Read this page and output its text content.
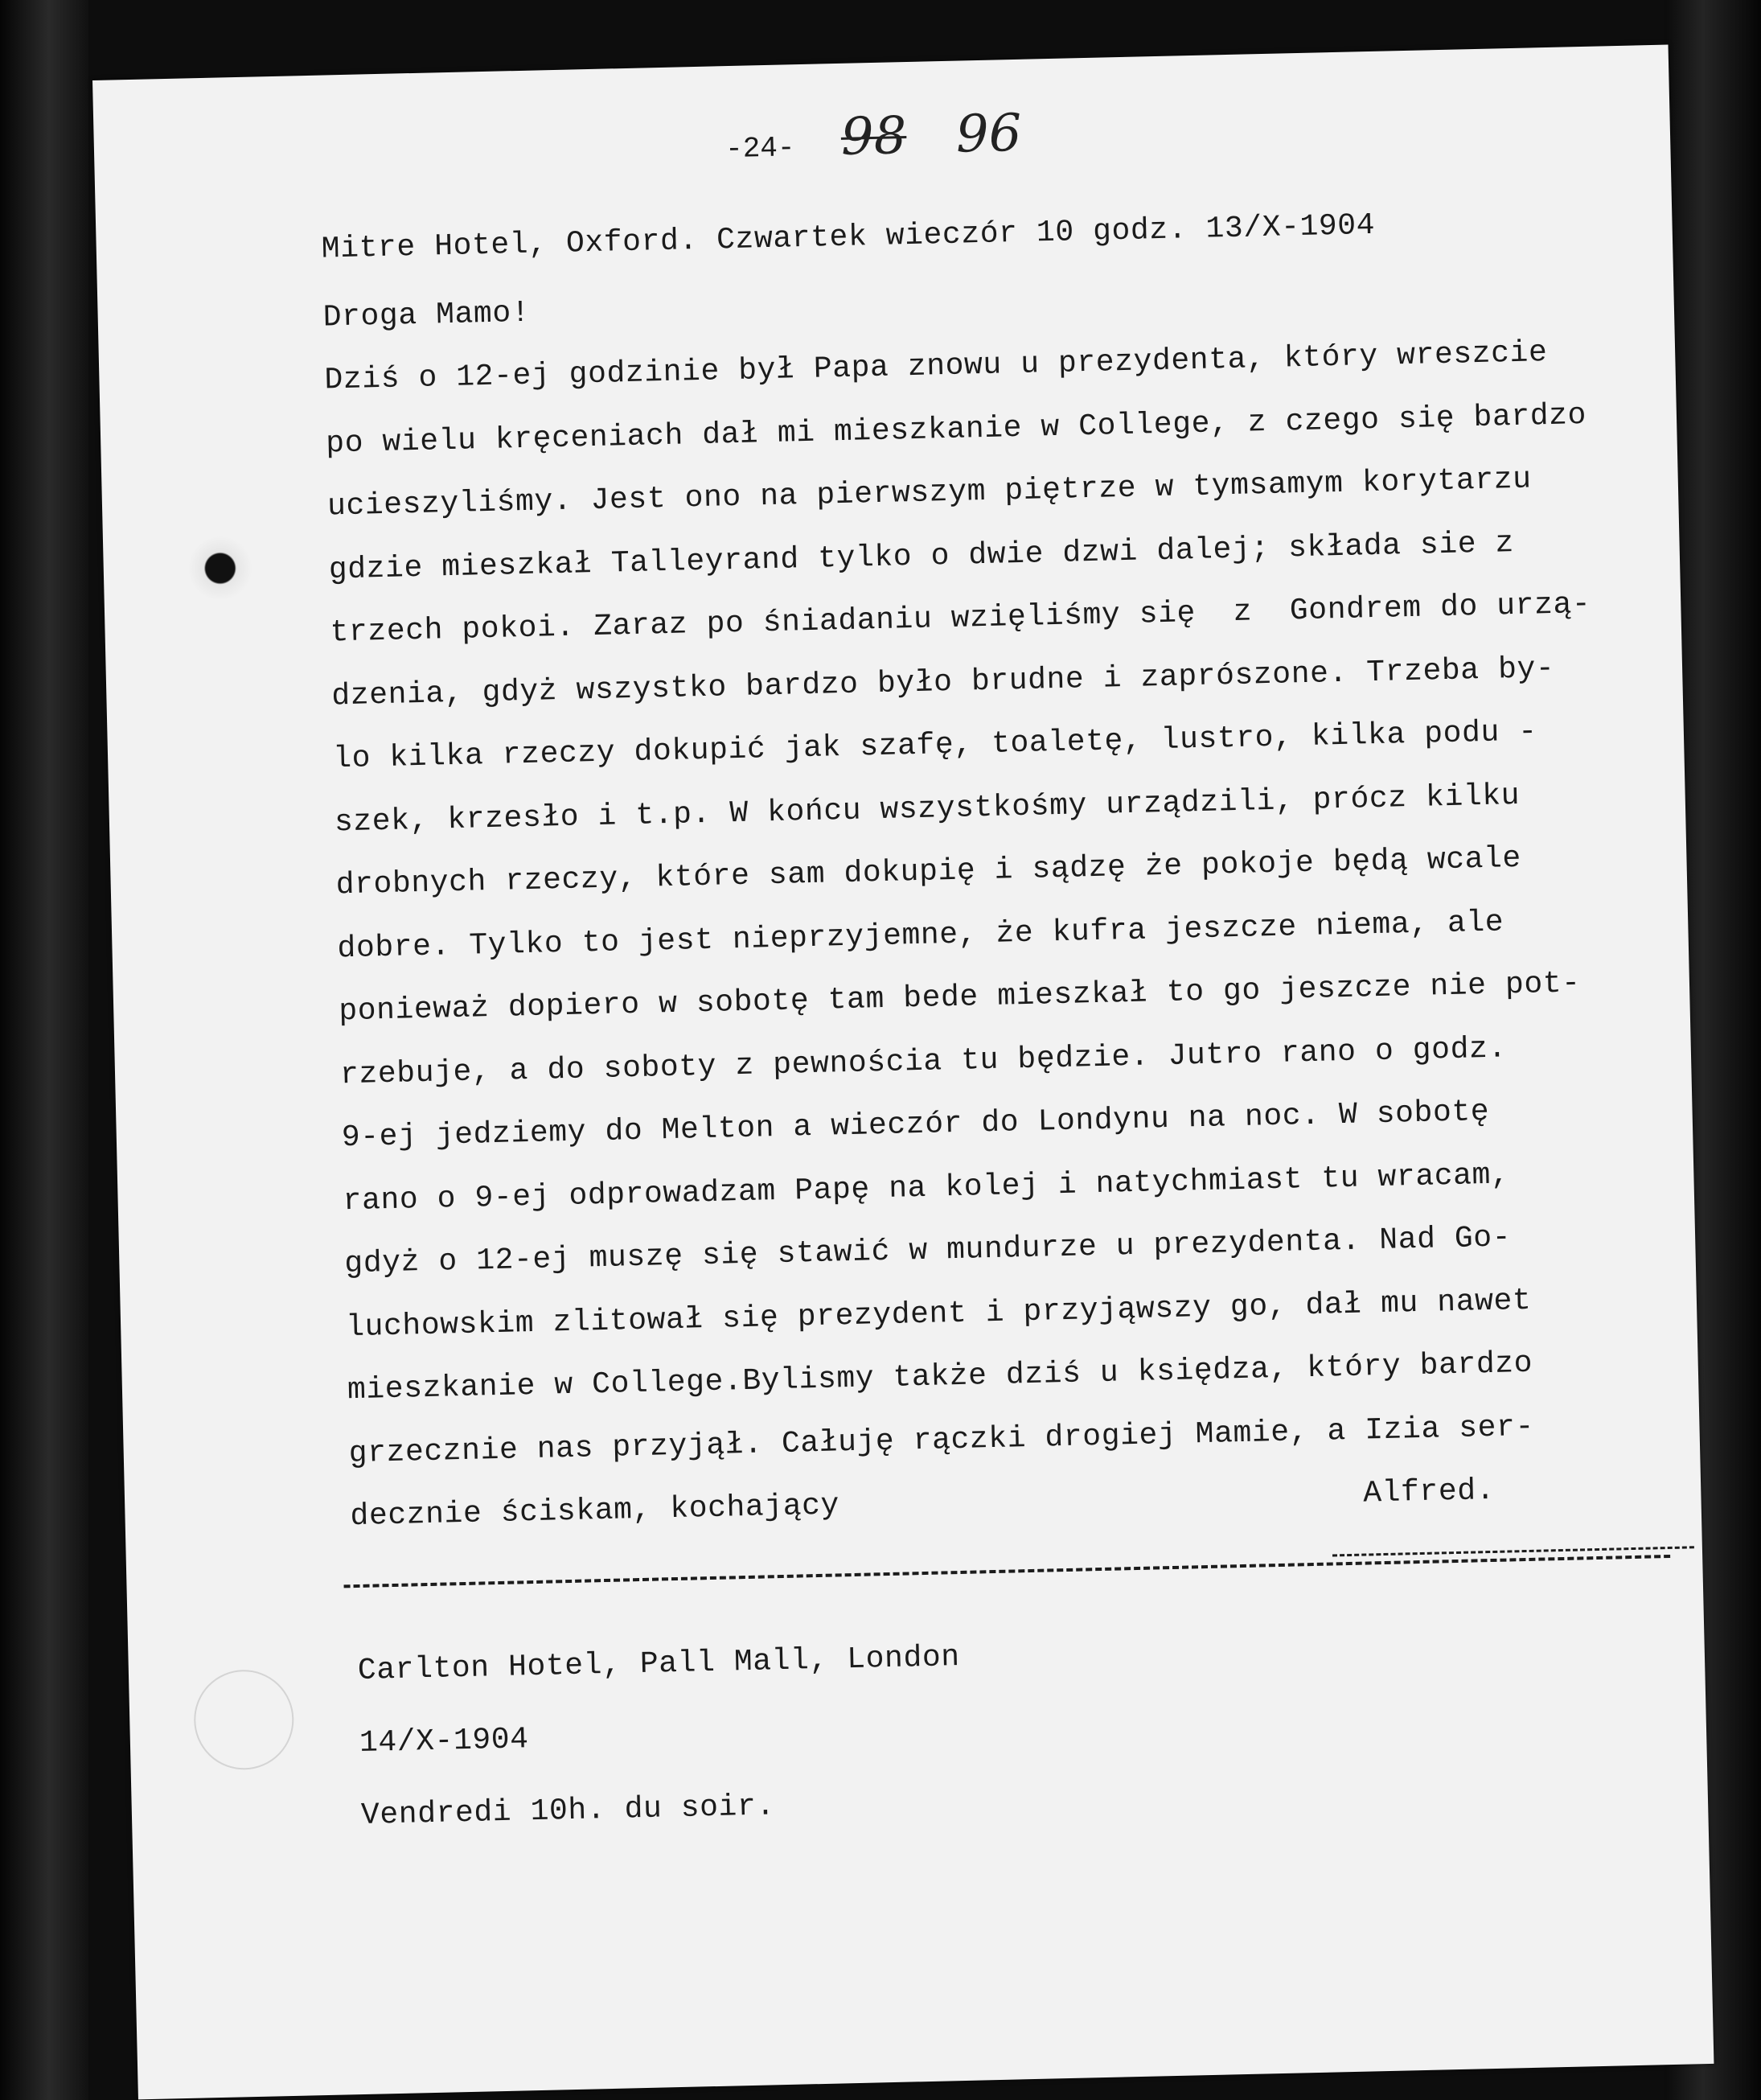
-24- 98 96
Mitre Hotel, Oxford. Czwartek wieczór 10 godz. 13/X-1904
Droga Mamo!
Dziś o 12-ej godzinie był Papa znowu u prezydenta, który wreszcie
po wielu kręceniach dał mi mieszkanie w College, z czego się bardzo
ucieszyliśmy. Jest ono na pierwszym piętrze w tymsamym korytarzu
gdzie mieszkał Talleyrand tylko o dwie dzwi dalej; składa sie z
trzech pokoi. Zaraz po śniadaniu wzięliśmy się  z  Gondrem do urzą-
dzenia, gdyż wszystko bardzo było brudne i zaprószone. Trzeba by-
lo kilka rzeczy dokupić jak szafę, toaletę, lustro, kilka podu -
szek, krzesło i t.p. W końcu wszystkośmy urządzili, prócz kilku
drobnych rzeczy, które sam dokupię i sądzę że pokoje będą wcale
dobre. Tylko to jest nieprzyjemne, że kufra jeszcze niema, ale
ponieważ dopiero w sobotę tam bede mieszkał to go jeszcze nie pot-
rzebuje, a do soboty z pewnościa tu będzie. Jutro rano o godz.
9-ej jedziemy do Melton a wieczór do Londynu na noc. W sobotę
rano o 9-ej odprowadzam Papę na kolej i natychmiast tu wracam,
gdyż o 12-ej muszę się stawić w mundurze u prezydenta. Nad Go-
luchowskim zlitował się prezydent i przyjąwszy go, dał mu nawet
mieszkanie w College.Bylismy także dziś u księdza, który bardzo
grzecznie nas przyjął. Całuję rączki drogiej Mamie, a Izia ser-
decznie ściskam, kochający	Alfred.
Carlton Hotel, Pall Mall, London
14/X-1904
Vendredi 10h. du soir.
